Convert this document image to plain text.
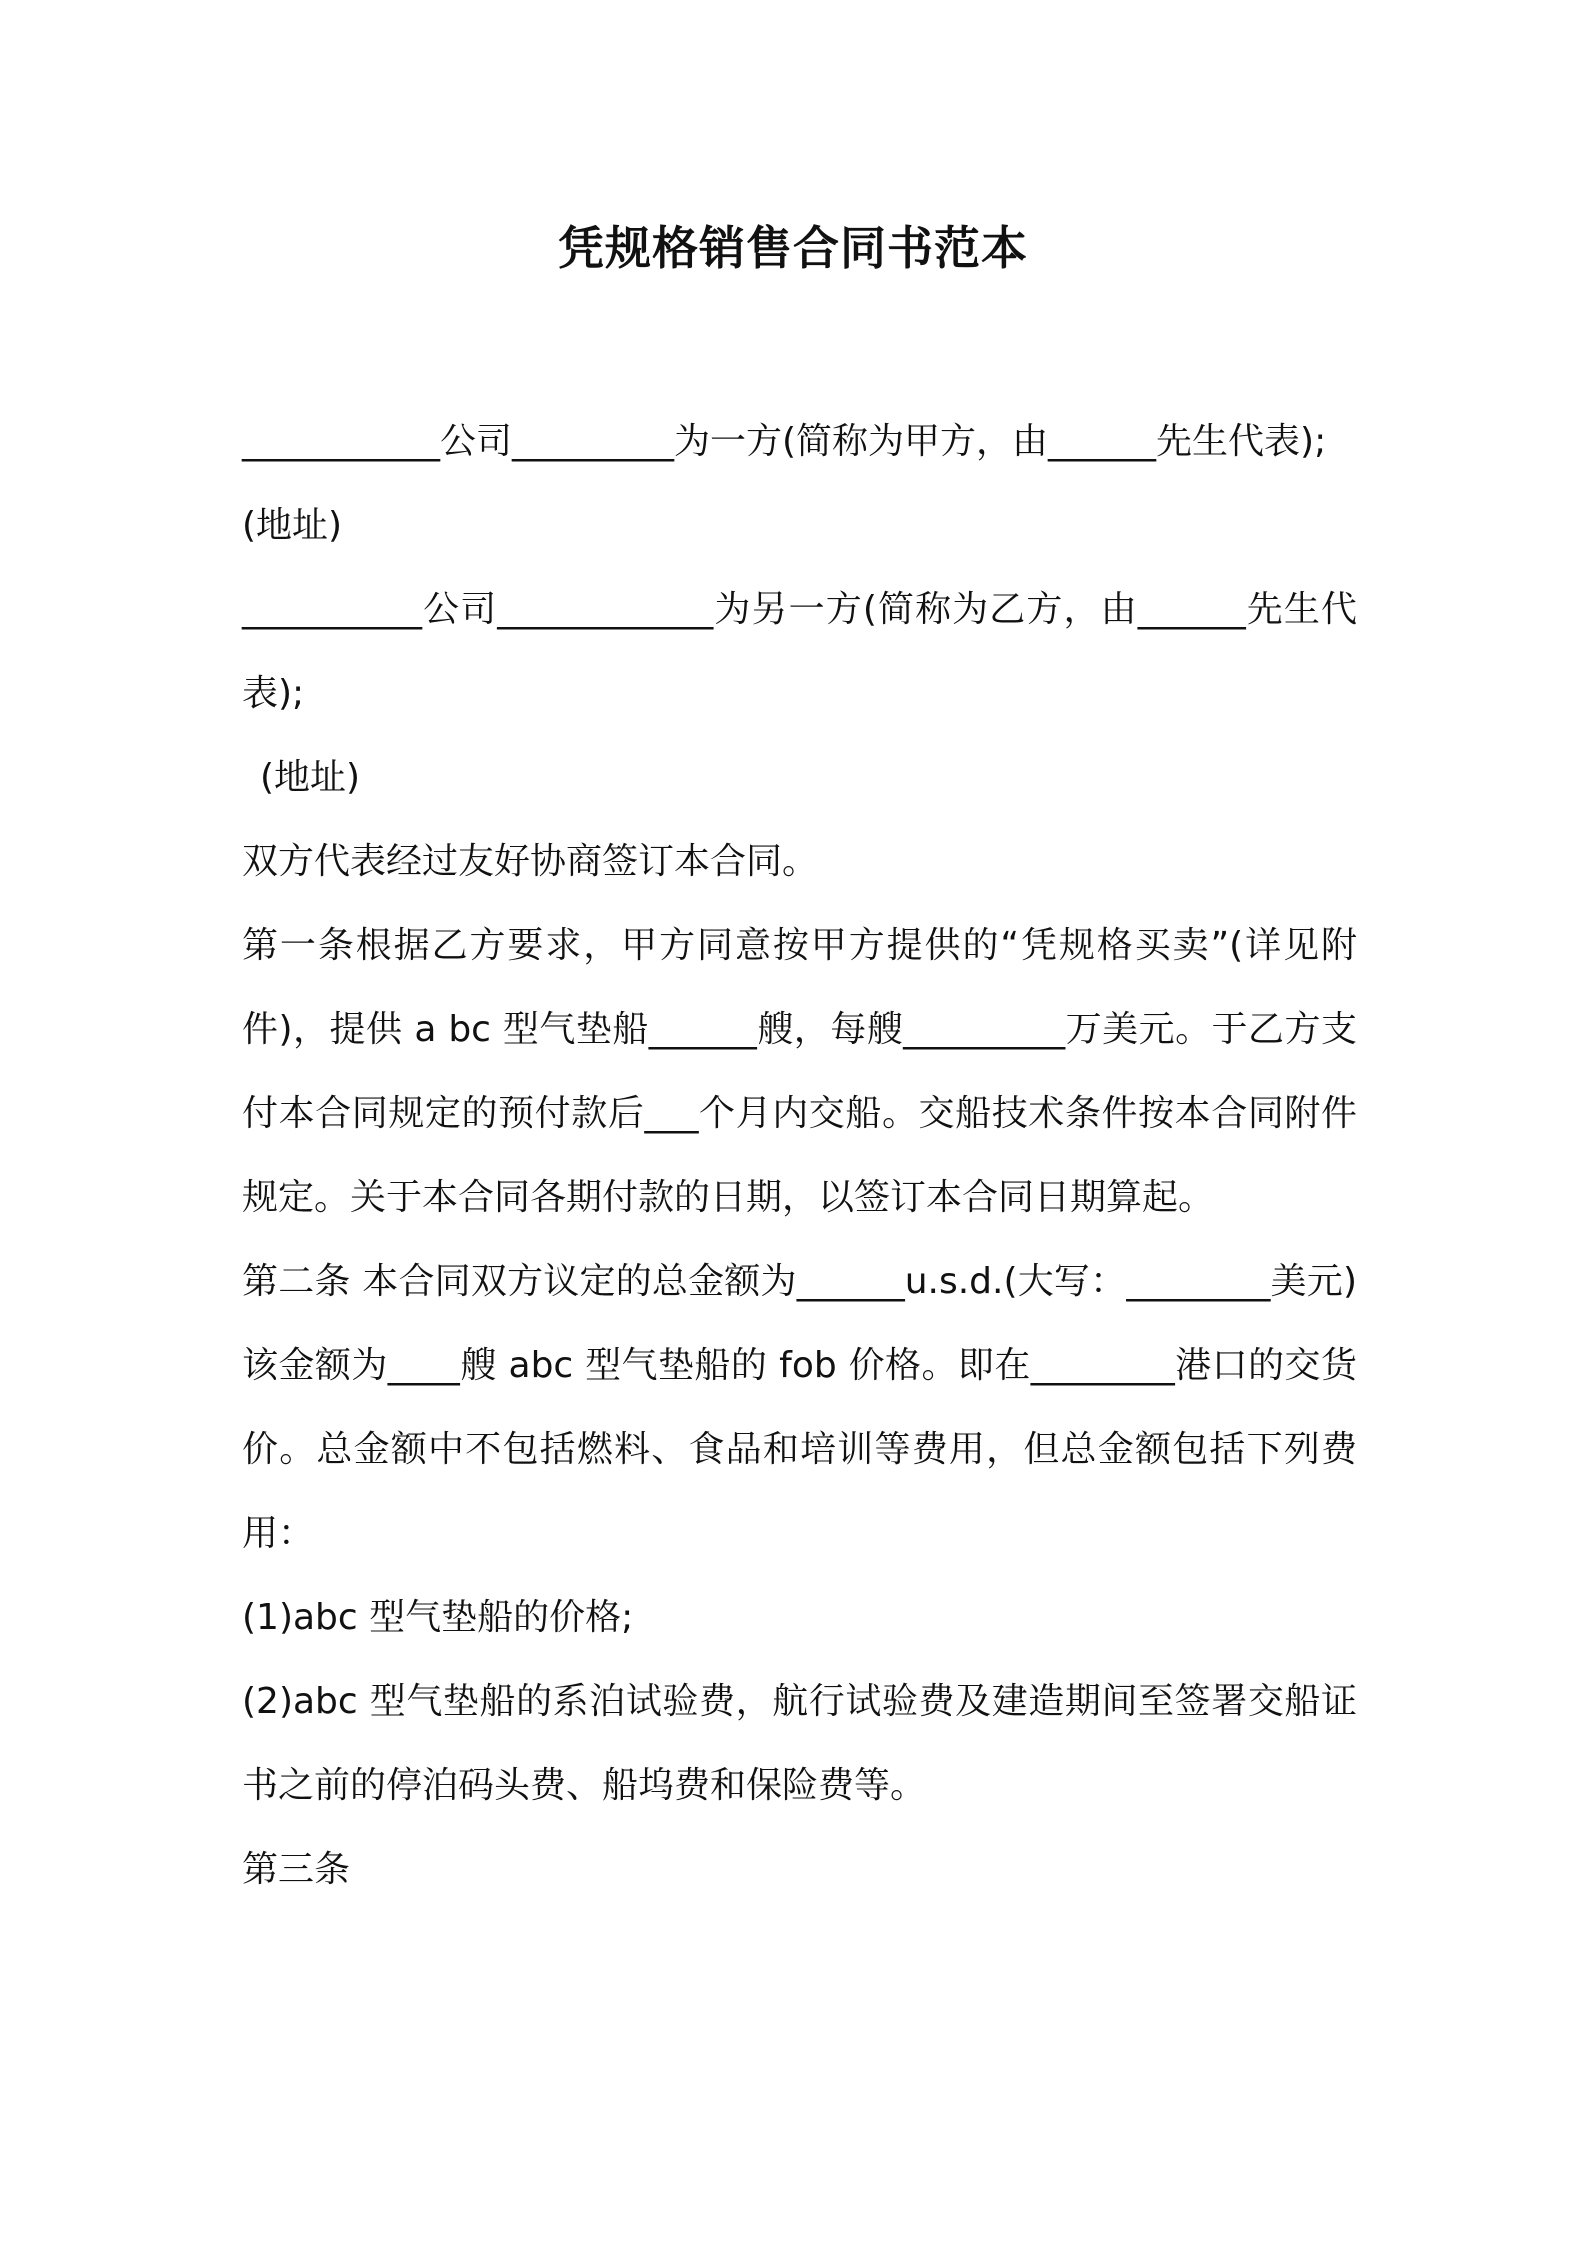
凭规格销售合同书范本

___________公司_________为一方(简称为甲方，由______先生代表);

(地址)

__________公司____________为另一方(简称为乙方，由______先生代表);

(地址)

双方代表经过友好协商签订本合同。

第一条根据乙方要求，甲方同意按甲方提供的“凭规格买卖”(详见附件)，提供 a bc 型气垫船______艘，每艘_________万美元。于乙方支付本合同规定的预付款后___个月内交船。交船技术条件按本合同附件规定。关于本合同各期付款的日期，以签订本合同日期算起。

第二条 本合同双方议定的总金额为______u.s.d.(大写：________美元)该金额为____艘 abc 型气垫船的 fob 价格。即在________港口的交货价。总金额中不包括燃料、食品和培训等费用，但总金额包括下列费用：

(1)abc 型气垫船的价格;

(2)abc 型气垫船的系泊试验费，航行试验费及建造期间至签署交船证书之前的停泊码头费、船坞费和保险费等。

第三条
